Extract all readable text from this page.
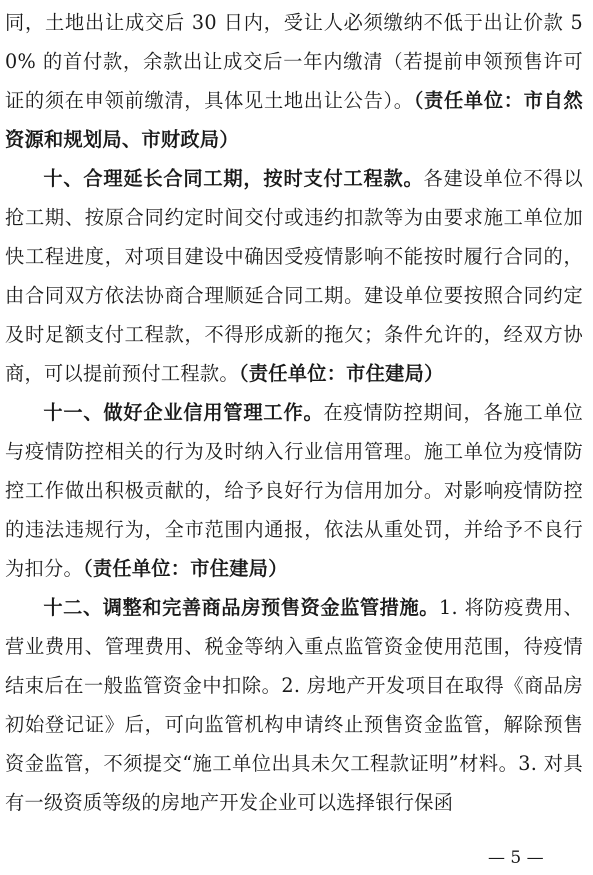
同，土地出让成交后 30 日内，受让人必须缴纳不低于出让价款 50% 的首付款，余款出让成交后一年内缴清（若提前申领预售许可证的须在申领前缴清，具体见土地出让公告）。（责任单位：市自然资源和规划局、市财政局）

十、合理延长合同工期，按时支付工程款。各建设单位不得以抢工期、按原合同约定时间交付或违约扣款等为由要求施工单位加快工程进度，对项目建设中确因受疫情影响不能按时履行合同的，由合同双方依法协商合理顺延合同工期。建设单位要按照合同约定及时足额支付工程款，不得形成新的拖欠；条件允许的，经双方协商，可以提前预付工程款。（责任单位：市住建局）

十一、做好企业信用管理工作。在疫情防控期间，各施工单位与疫情防控相关的行为及时纳入行业信用管理。施工单位为疫情防控工作做出积极贡献的，给予良好行为信用加分。对影响疫情防控的违法违规行为，全市范围内通报，依法从重处罚，并给予不良行为扣分。（责任单位：市住建局）

十二、调整和完善商品房预售资金监管措施。1. 将防疫费用、营业费用、管理费用、税金等纳入重点监管资金使用范围，待疫情结束后在一般监管资金中扣除。2. 房地产开发项目在取得《商品房初始登记证》后，可向监管机构申请终止预售资金监管，解除预售资金监管，不须提交“施工单位出具未欠工程款证明”材料。3. 对具有一级资质等级的房地产开发企业可以选择银行保函

— 5 —
